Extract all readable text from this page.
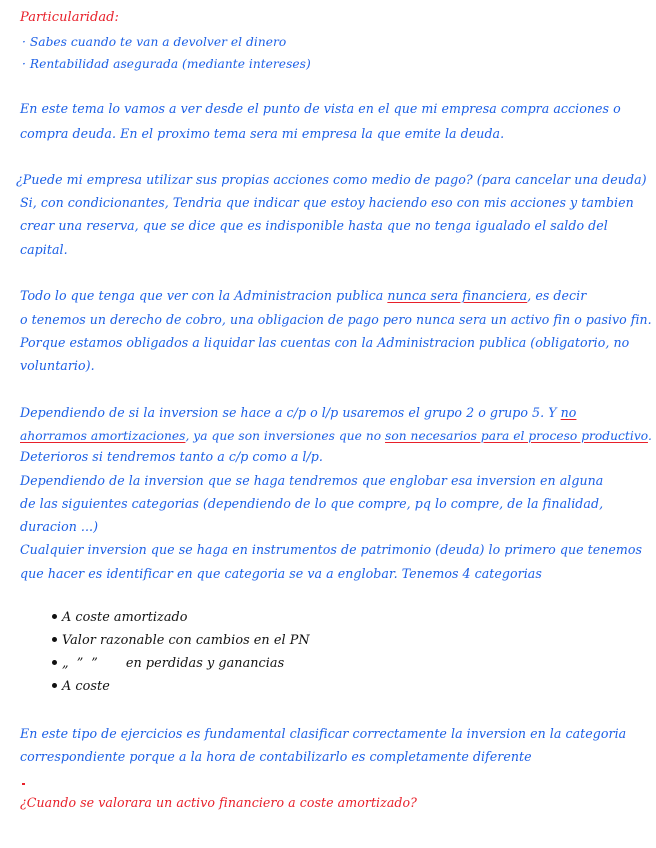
Particularidad:
· Sabes cuando te van a devolver el dinero
· Rentabilidad asegurada (mediante intereses)
En este tema lo vamos a ver desde el punto de vista en el que mi empresa compra acciones o
compra deuda. En el proximo tema sera mi empresa la que emite la deuda.
¿Puede mi empresa utilizar sus propias acciones como medio de pago? (para cancelar una deuda)
Si, con condicionantes, Tendria que indicar que estoy haciendo eso con mis acciones y tambien
crear una reserva, que se dice que es indisponible hasta que no tenga igualado el saldo del
capital.
Todo lo que tenga que ver con la Administracion publica nunca sera financiera, es decir
o tenemos un derecho de cobro, una obligacion de pago pero nunca sera un activo fin o pasivo fin.
Porque estamos obligados a liquidar las cuentas con la Administracion publica (obligatorio, no
voluntario).
Dependiendo de si la inversion se hace a c/p o l/p usaremos el grupo 2 o grupo 5. Y no
ahorramos amortizaciones, ya que son inversiones que no son necesarios para el proceso productivo.
Deterioros si tendremos tanto a c/p como a l/p.
Dependiendo de la inversion que se haga tendremos que englobar esa inversion en alguna
de las siguientes categorias (dependiendo de lo que compre, pq lo compre, de la finalidad,
duracion ...)
Cualquier inversion que se haga en instrumentos de patrimonio (deuda) lo primero que tenemos
que hacer es identificar en que categoria se va a englobar. Tenemos 4 categorias
A coste amortizado
Valor razonable con cambios en el PN
„ ” ” en perdidas y ganancias
A coste
En este tipo de ejercicios es fundamental clasificar correctamente la inversion en la categoria
correspondiente porque a la hora de contabilizarlo es completamente diferente
¿Cuando se valorara un activo financiero a coste amortizado?
